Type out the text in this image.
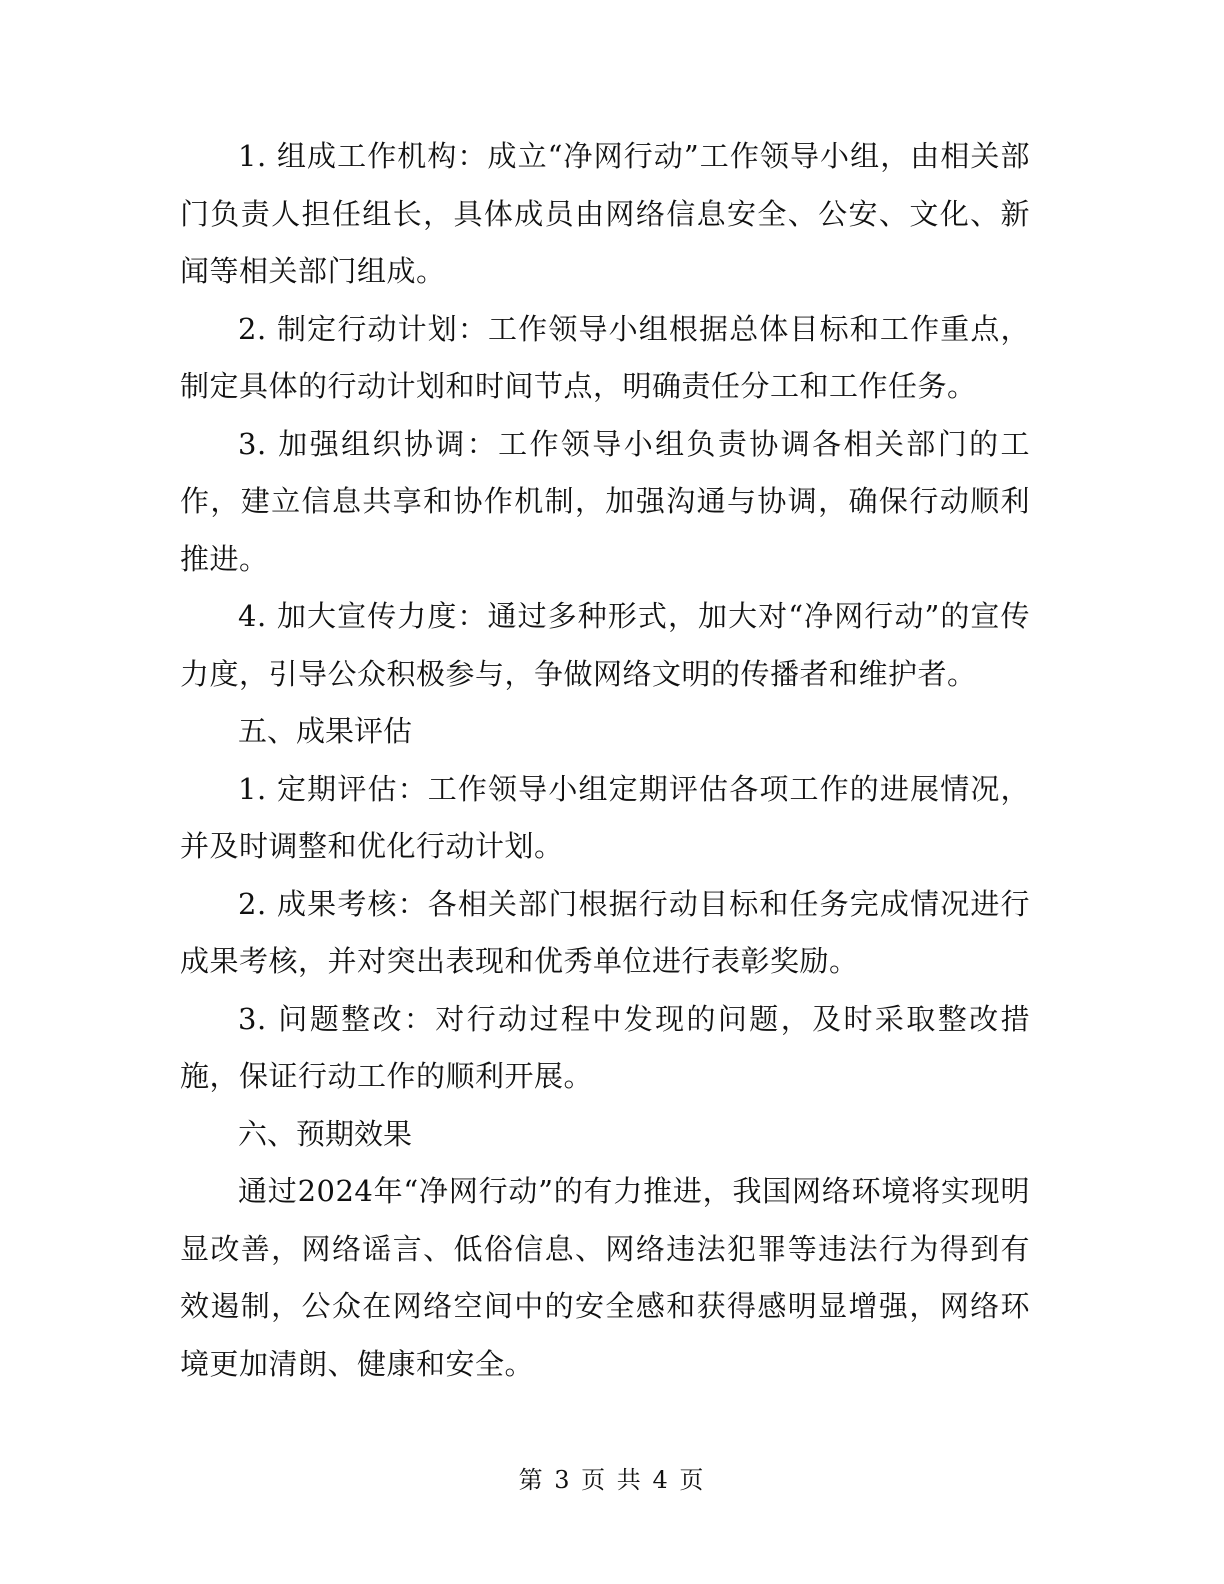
1. 组成工作机构：成立“净网行动”工作领导小组，由相关部门负责人担任组长，具体成员由网络信息安全、公安、文化、新闻等相关部门组成。

2. 制定行动计划：工作领导小组根据总体目标和工作重点，制定具体的行动计划和时间节点，明确责任分工和工作任务。

3. 加强组织协调：工作领导小组负责协调各相关部门的工作，建立信息共享和协作机制，加强沟通与协调，确保行动顺利推进。

4. 加大宣传力度：通过多种形式，加大对“净网行动”的宣传力度，引导公众积极参与，争做网络文明的传播者和维护者。

五、成果评估

1. 定期评估：工作领导小组定期评估各项工作的进展情况，并及时调整和优化行动计划。

2. 成果考核：各相关部门根据行动目标和任务完成情况进行成果考核，并对突出表现和优秀单位进行表彰奖励。

3. 问题整改：对行动过程中发现的问题，及时采取整改措施，保证行动工作的顺利开展。

六、预期效果

通过2024年“净网行动”的有力推进，我国网络环境将实现明显改善，网络谣言、低俗信息、网络违法犯罪等违法行为得到有效遏制，公众在网络空间中的安全感和获得感明显增强，网络环境更加清朗、健康和安全。

第 3 页 共 4 页
